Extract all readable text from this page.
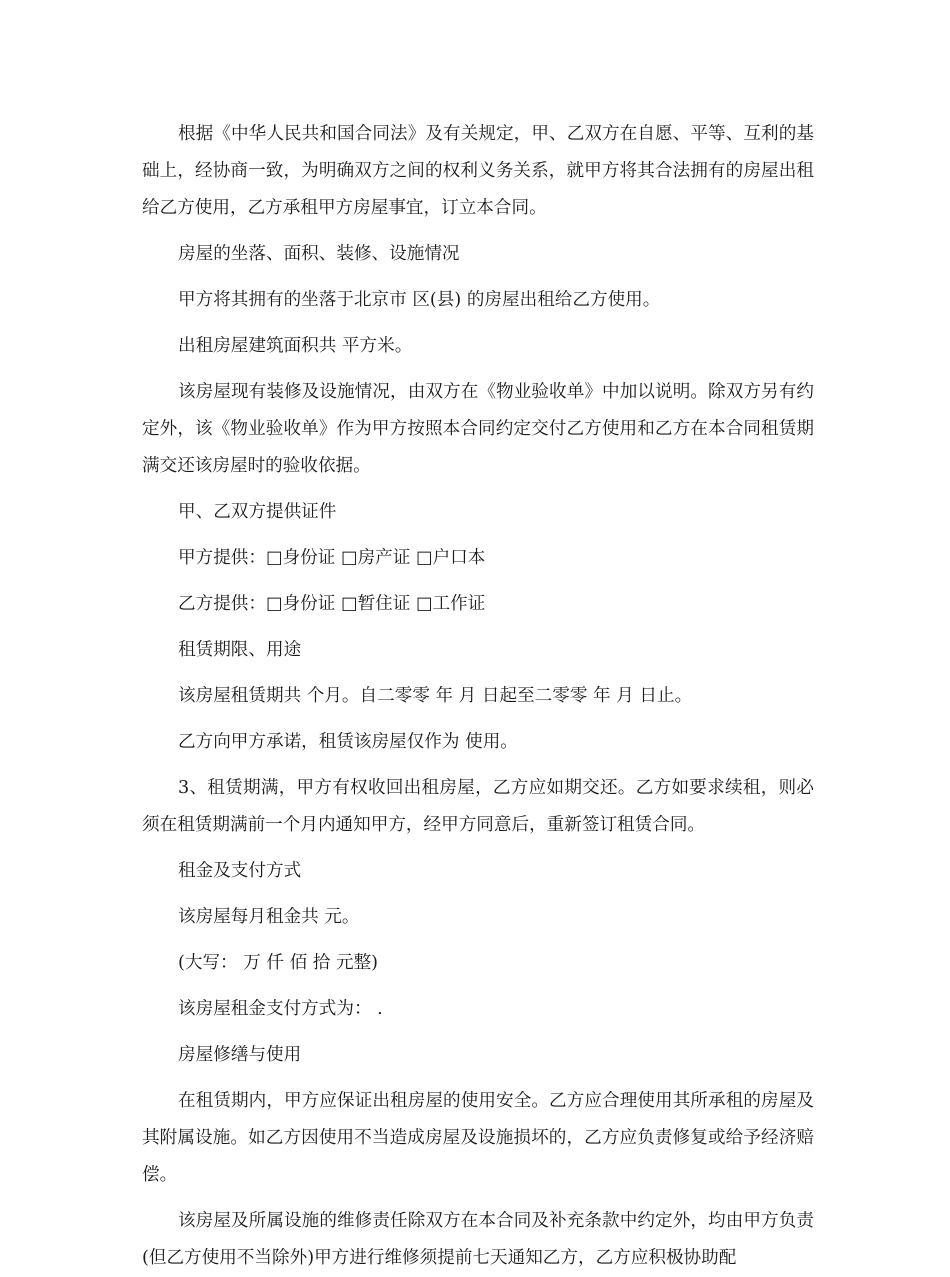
根据《中华人民共和国合同法》及有关规定，甲、乙双方在自愿、平等、互利的基础上，经协商一致，为明确双方之间的权利义务关系，就甲方将其合法拥有的房屋出租给乙方使用，乙方承租甲方房屋事宜，订立本合同。

房屋的坐落、面积、装修、设施情况

甲方将其拥有的坐落于北京市 区(县) 的房屋出租给乙方使用。

出租房屋建筑面积共 平方米。

该房屋现有装修及设施情况，由双方在《物业验收单》中加以说明。除双方另有约定外，该《物业验收单》作为甲方按照本合同约定交付乙方使用和乙方在本合同租赁期满交还该房屋时的验收依据。

甲、乙双方提供证件

甲方提供：□身份证 □房产证 □户口本

乙方提供：□身份证 □暂住证 □工作证

租赁期限、用途

该房屋租赁期共 个月。自二零零 年 月 日起至二零零 年 月 日止。

乙方向甲方承诺，租赁该房屋仅作为 使用。

3、租赁期满，甲方有权收回出租房屋，乙方应如期交还。乙方如要求续租，则必须在租赁期满前一个月内通知甲方，经甲方同意后，重新签订租赁合同。

租金及支付方式

该房屋每月租金共 元。

(大写： 万 仟 佰 拾 元整)

该房屋租金支付方式为： .

房屋修缮与使用

在租赁期内，甲方应保证出租房屋的使用安全。乙方应合理使用其所承租的房屋及其附属设施。如乙方因使用不当造成房屋及设施损坏的，乙方应负责修复或给予经济赔偿。

该房屋及所属设施的维修责任除双方在本合同及补充条款中约定外，均由甲方负责(但乙方使用不当除外)甲方进行维修须提前七天通知乙方，乙方应积极协助配
